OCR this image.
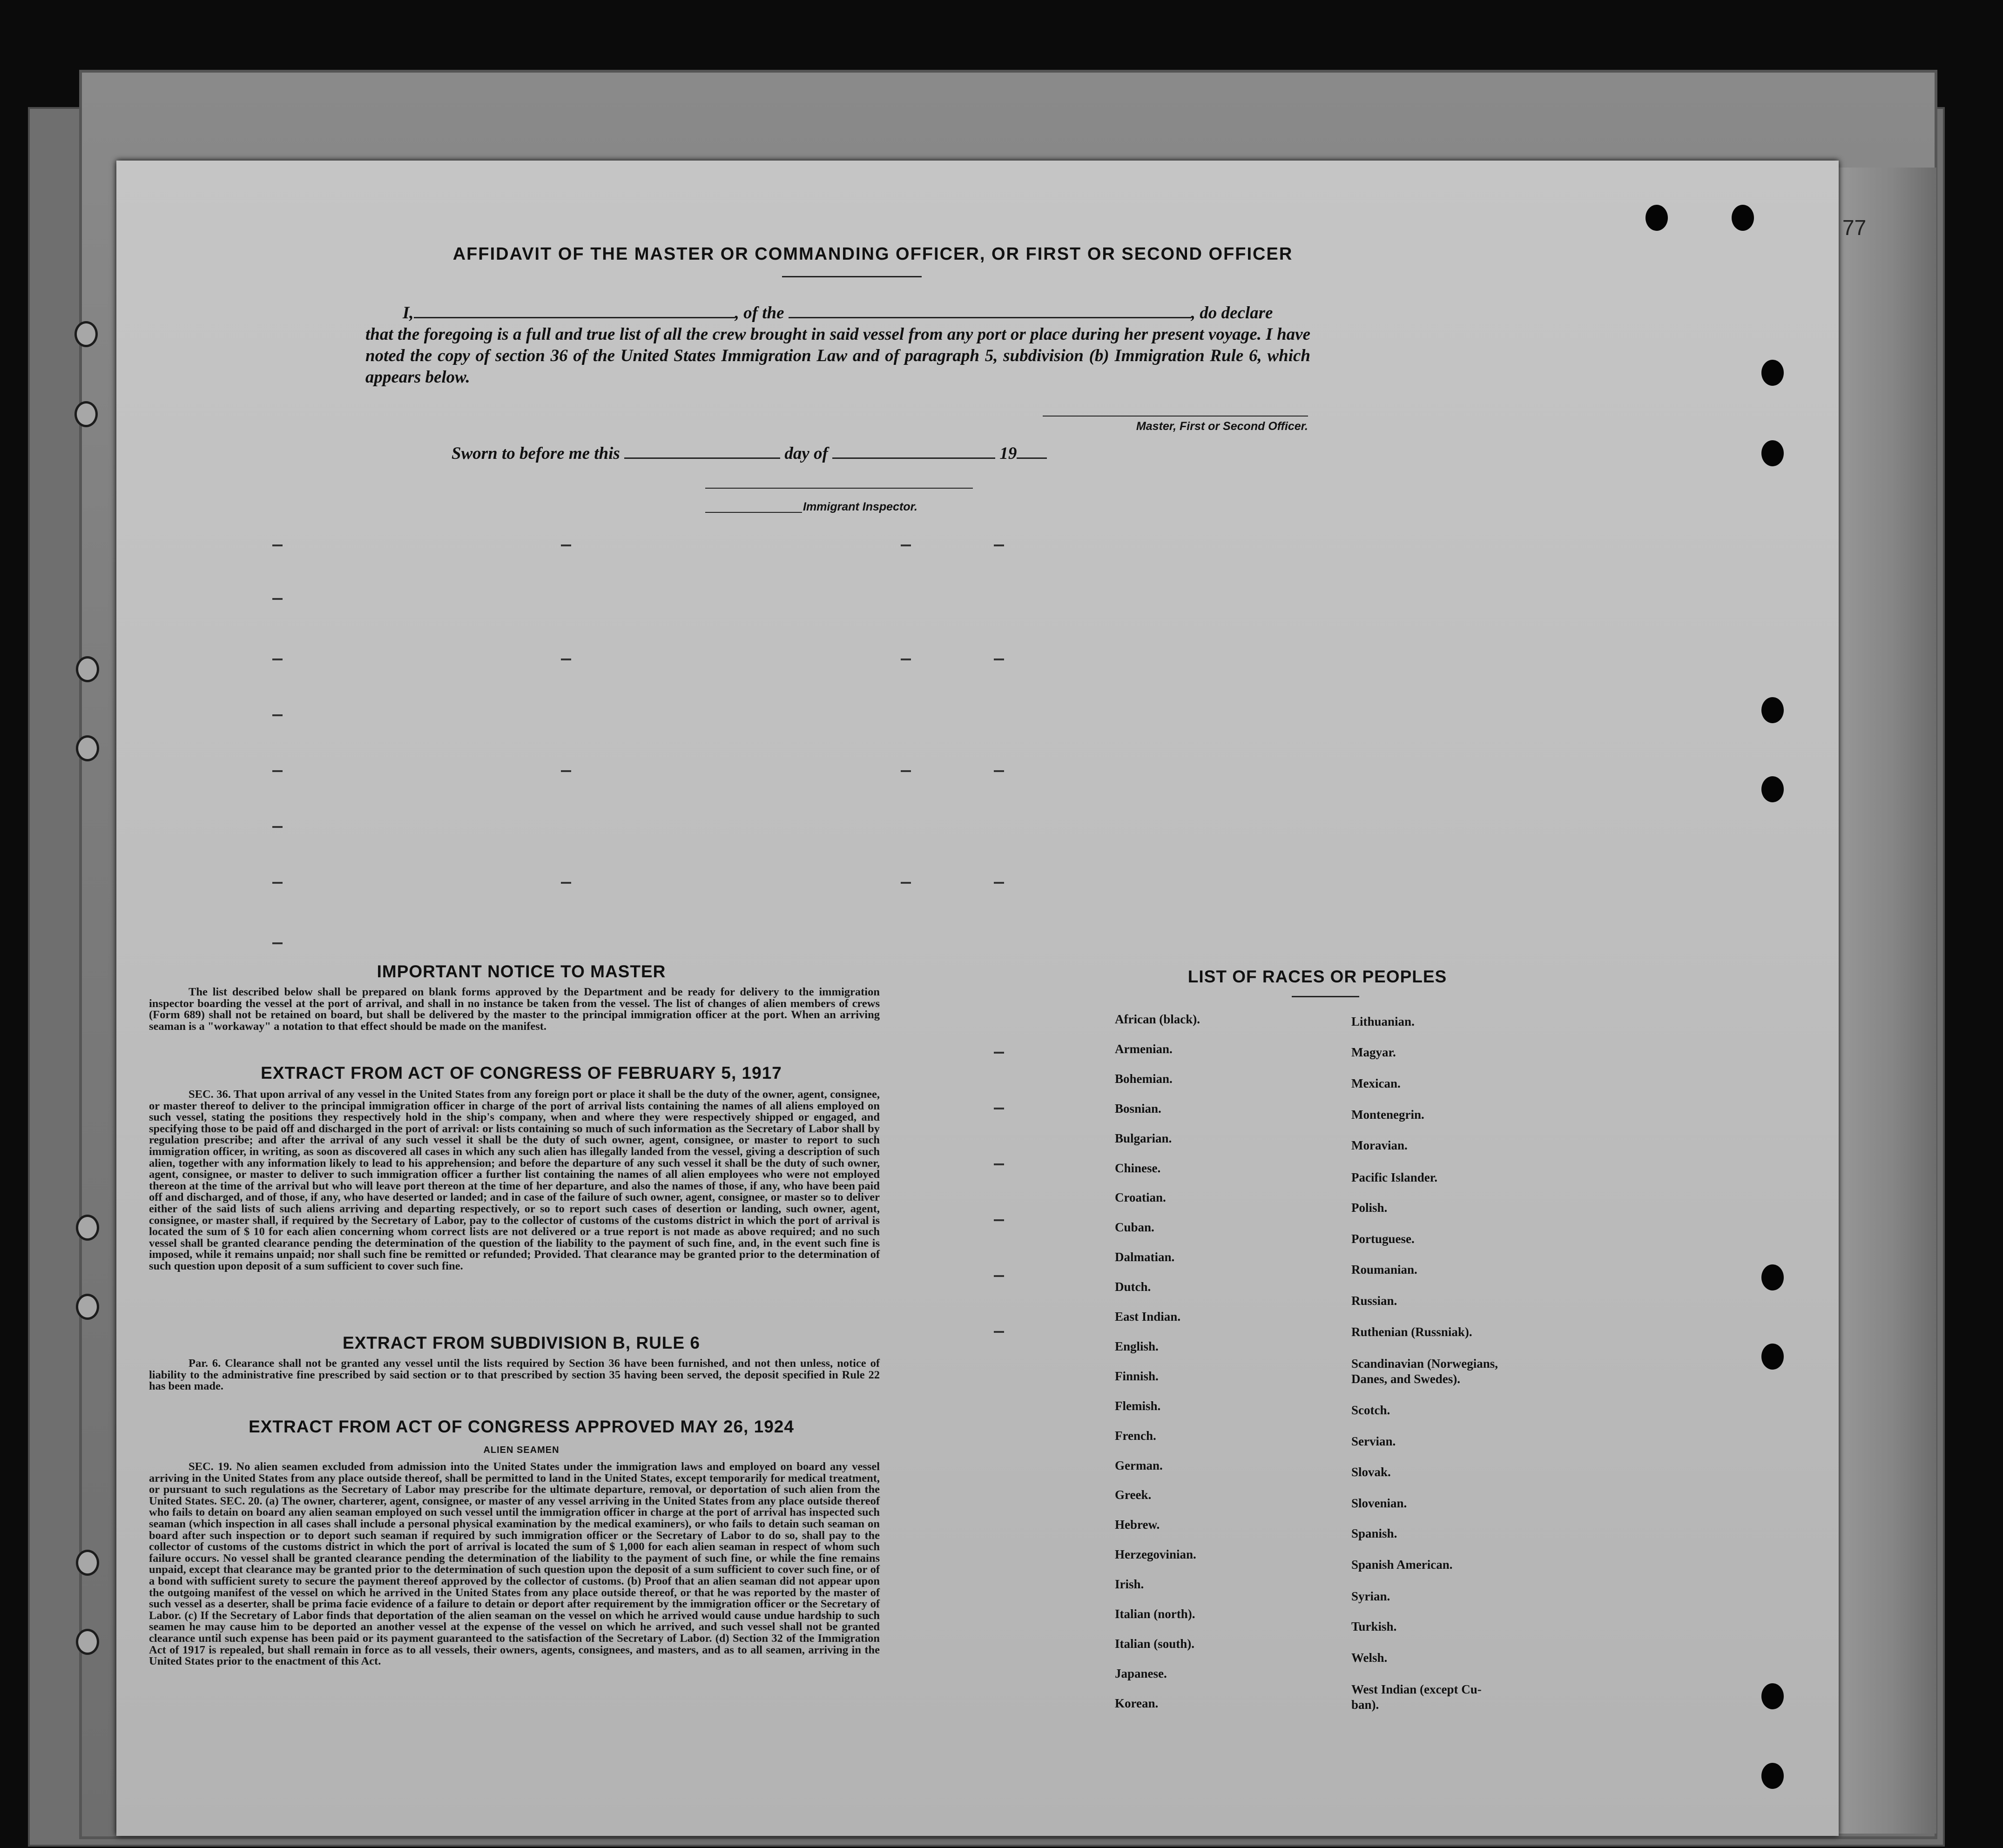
77
AFFIDAVIT OF THE MASTER OR COMMANDING OFFICER, OR FIRST OR SECOND OFFICER
I,	, of the	, do declare
that the foregoing is a full and true list of all the crew brought in said vessel from any port or place during her present voyage. I have noted the copy of section 36 of the United States Immigration Law and of paragraph 5, subdivision (b) Immigration Rule 6, which appears below.
Master, First or Second Officer.
Sworn to before me this	day of	19
Immigrant Inspector.
IMPORTANT NOTICE TO MASTER
The list described below shall be prepared on blank forms approved by the Department and be ready for delivery to the immigration inspector boarding the vessel at the port of arrival, and shall in no instance be taken from the vessel. The list of changes of alien members of crews (Form 689) shall not be retained on board, but shall be delivered by the master to the principal immigration officer at the port. When an arriving seaman is a "workaway" a notation to that effect should be made on the manifest.
EXTRACT FROM ACT OF CONGRESS OF FEBRUARY 5, 1917
SEC. 36. That upon arrival of any vessel in the United States from any foreign port or place it shall be the duty of the owner, agent, consignee, or master thereof to deliver to the principal immigration officer in charge of the port of arrival lists containing the names of all aliens employed on such vessel, stating the positions they respectively hold in the ship's company, when and where they were respectively shipped or engaged, and specifying those to be paid off and discharged in the port of arrival: or lists containing so much of such information as the Secretary of Labor shall by regulation prescribe; and after the arrival of any such vessel it shall be the duty of such owner, agent, consignee, or master to report to such immigration officer, in writing, as soon as discovered all cases in which any such alien has illegally landed from the vessel, giving a description of such alien, together with any information likely to lead to his apprehension; and before the departure of any such vessel it shall be the duty of such owner, agent, consignee, or master to deliver to such immigration officer a further list containing the names of all alien employees who were not employed thereon at the time of the arrival but who will leave port thereon at the time of her departure, and also the names of those, if any, who have been paid off and discharged, and of those, if any, who have deserted or landed; and in case of the failure of such owner, agent, consignee, or master so to deliver either of the said lists of such aliens arriving and departing respectively, or so to report such cases of desertion or landing, such owner, agent, consignee, or master shall, if required by the Secretary of Labor, pay to the collector of customs of the customs district in which the port of arrival is located the sum of $ 10 for each alien concerning whom correct lists are not delivered or a true report is not made as above required; and no such vessel shall be granted clearance pending the determination of the question of the liability to the payment of such fine, and, in the event such fine is imposed, while it remains unpaid; nor shall such fine be remitted or refunded; Provided. That clearance may be granted prior to the determination of such question upon deposit of a sum sufficient to cover such fine.
EXTRACT FROM SUBDIVISION B, RULE 6
Par. 6. Clearance shall not be granted any vessel until the lists required by Section 36 have been furnished, and not then unless, notice of liability to the administrative fine prescribed by said section or to that prescribed by section 35 having been served, the deposit specified in Rule 22 has been made.
EXTRACT FROM ACT OF CONGRESS APPROVED MAY 26, 1924
ALIEN SEAMEN
SEC. 19. No alien seamen excluded from admission into the United States under the immigration laws and employed on board any vessel arriving in the United States from any place outside thereof, shall be permitted to land in the United States, except temporarily for medical treatment, or pursuant to such regulations as the Secretary of Labor may prescribe for the ultimate departure, removal, or deportation of such alien from the United States. SEC. 20. (a) The owner, charterer, agent, consignee, or master of any vessel arriving in the United States from any place outside thereof who fails to detain on board any alien seaman employed on such vessel until the immigration officer in charge at the port of arrival has inspected such seaman (which inspection in all cases shall include a personal physical examination by the medical examiners), or who fails to detain such seaman on board after such inspection or to deport such seaman if required by such immigration officer or the Secretary of Labor to do so, shall pay to the collector of customs of the customs district in which the port of arrival is located the sum of $ 1,000 for each alien seaman in respect of whom such failure occurs. No vessel shall be granted clearance pending the determination of the liability to the payment of such fine, or while the fine remains unpaid, except that clearance may be granted prior to the determination of such question upon the deposit of a sum sufficient to cover such fine, or of a bond with sufficient surety to secure the payment thereof approved by the collector of customs. (b) Proof that an alien seaman did not appear upon the outgoing manifest of the vessel on which he arrived in the United States from any place outside thereof, or that he was reported by the master of such vessel as a deserter, shall be prima facie evidence of a failure to detain or deport after requirement by the immigration officer or the Secretary of Labor. (c) If the Secretary of Labor finds that deportation of the alien seaman on the vessel on which he arrived would cause undue hardship to such seamen he may cause him to be deported an another vessel at the expense of the vessel on which he arrived, and such vessel shall not be granted clearance until such expense has been paid or its payment guaranteed to the satisfaction of the Secretary of Labor. (d) Section 32 of the Immigration Act of 1917 is repealed, but shall remain in force as to all vessels, their owners, agents, consignees, and masters, and as to all seamen, arriving in the United States prior to the enactment of this Act.
LIST OF RACES OR PEOPLES
African (black).
Armenian.
Bohemian.
Bosnian.
Bulgarian.
Chinese.
Croatian.
Cuban.
Dalmatian.
Dutch.
East Indian.
English.
Finnish.
Flemish.
French.
German.
Greek.
Hebrew.
Herzegovinian.
Irish.
Italian (north).
Italian (south).
Japanese.
Korean.
Lithuanian.
Magyar.
Mexican.
Montenegrin.
Moravian.
Pacific Islander.
Polish.
Portuguese.
Roumanian.
Russian.
Ruthenian (Russniak).
Scandinavian (Norwegians,
Danes, and Swedes).
Scotch.
Servian.
Slovak.
Slovenian.
Spanish.
Spanish American.
Syrian.
Turkish.
Welsh.
West Indian (except Cu-
ban).
